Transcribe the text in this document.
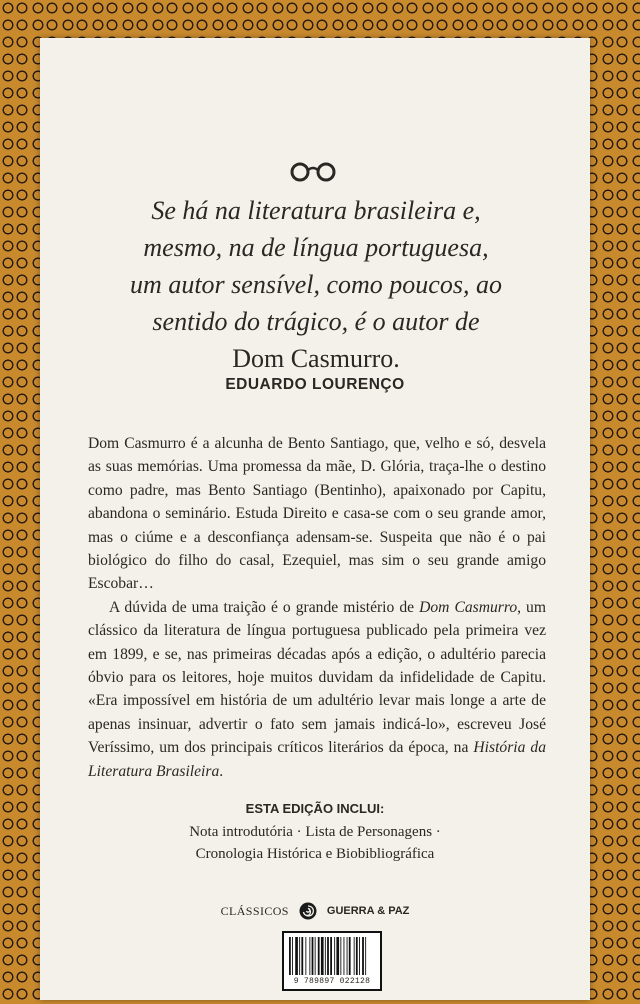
Se há na literatura brasileira e,
mesmo, na de língua portuguesa,
um autor sensível, como poucos, ao
sentido do trágico, é o autor de
Dom Casmurro.
EDUARDO LOURENÇO

Dom Casmurro é a alcunha de Bento Santiago, que, velho e só, desvela as suas memórias. Uma promessa da mãe, D. Glória, traça-lhe o destino como padre, mas Bento Santiago (Bentinho), apaixonado por Capitu, abandona o seminário. Estuda Direito e casa-se com o seu grande amor, mas o ciúme e a desconfiança adensam-se. Suspeita que não é o pai biológico do filho do casal, Ezequiel, mas sim o seu grande amigo Escobar…

A dúvida de uma traição é o grande mistério de Dom Casmurro, um clássico da literatura de língua portuguesa publicado pela primeira vez em 1899, e se, nas primeiras décadas após a edição, o adultério parecia óbvio para os leitores, hoje muitos duvidam da infidelidade de Capitu. «Era impossível em história de um adultério levar mais longe a arte de apenas insinuar, advertir o fato sem jamais indicá-lo», escreveu José Veríssimo, um dos principais críticos literários da época, na História da Literatura Brasileira.

ESTA EDIÇÃO INCLUI:
Nota introdutória · Lista de Personagens ·
Cronologia Histórica e Biobibliográfica
CLÁSSICOS	GUERRA & PAZ
9 789897 022128
